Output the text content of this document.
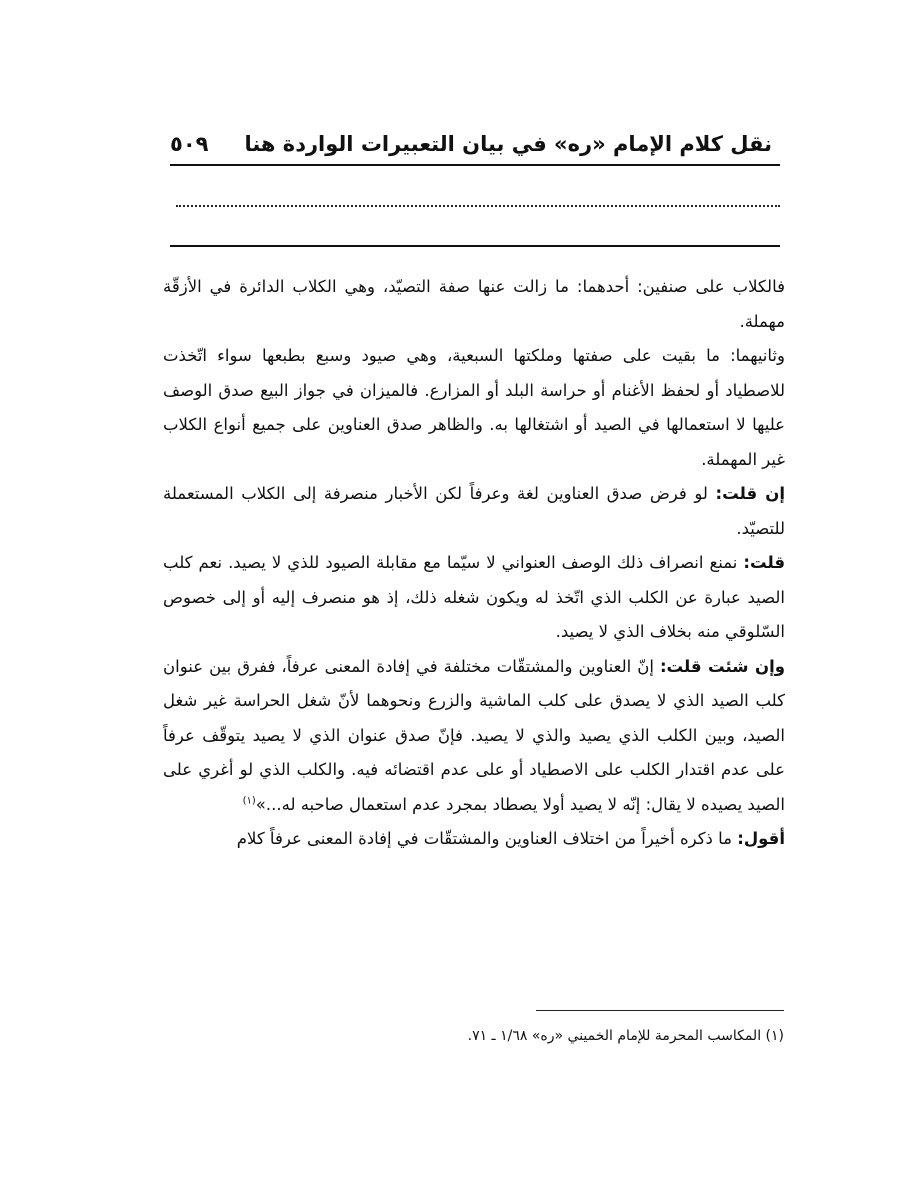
نقل كلام الإمام «ره» في بيان التعبيرات الواردة هنا
٥٠٩

فالكلاب على صنفين: أحدهما: ما زالت عنها صفة التصيّد، وهي الكلاب الدائرة في الأزقّة مهملة.

وثانيهما: ما بقيت على صفتها وملكتها السبعية، وهي صيود وسبع بطبعها سواء اتّخذت للاصطياد أو لحفظ الأغنام أو حراسة البلد أو المزارع. فالميزان في جواز البيع صدق الوصف عليها لا استعمالها في الصيد أو اشتغالها به. والظاهر صدق العناوين على جميع أنواع الكلاب غير المهملة.

إن قلت: لو فرض صدق العناوين لغة وعرفاً لكن الأخبار منصرفة إلى الكلاب المستعملة للتصيّد.

قلت: نمنع انصراف ذلك الوصف العنواني لا سيّما مع مقابلة الصيود للذي لا يصيد. نعم كلب الصيد عبارة عن الكلب الذي اتّخذ له ويكون شغله ذلك، إذ هو منصرف إليه أو إلى خصوص السّلوقي منه بخلاف الذي لا يصيد.

وإن شئت قلت: إنّ العناوين والمشتقّات مختلفة في إفادة المعنى عرفاً، ففرق بين عنوان كلب الصيد الذي لا يصدق على كلب الماشية والزرع ونحوهما لأنّ شغل الحراسة غير شغل الصيد، وبين الكلب الذي يصيد والذي لا يصيد. فإنّ صدق عنوان الذي لا يصيد يتوقّف عرفاً على عدم اقتدار الكلب على الاصطياد أو على عدم اقتضائه فيه. والكلب الذي لو أغري على الصيد يصيده لا يقال: إنّه لا يصيد أولا يصطاد بمجرد عدم استعمال صاحبه له...»$^{(١)}$

أقول: ما ذكره أخيراً من اختلاف العناوين والمشتقّات في إفادة المعنى عرفاً كلام

(١) المكاسب المحرمة للإمام الخميني «ره» ١/٦٨ ـ ٧١.
